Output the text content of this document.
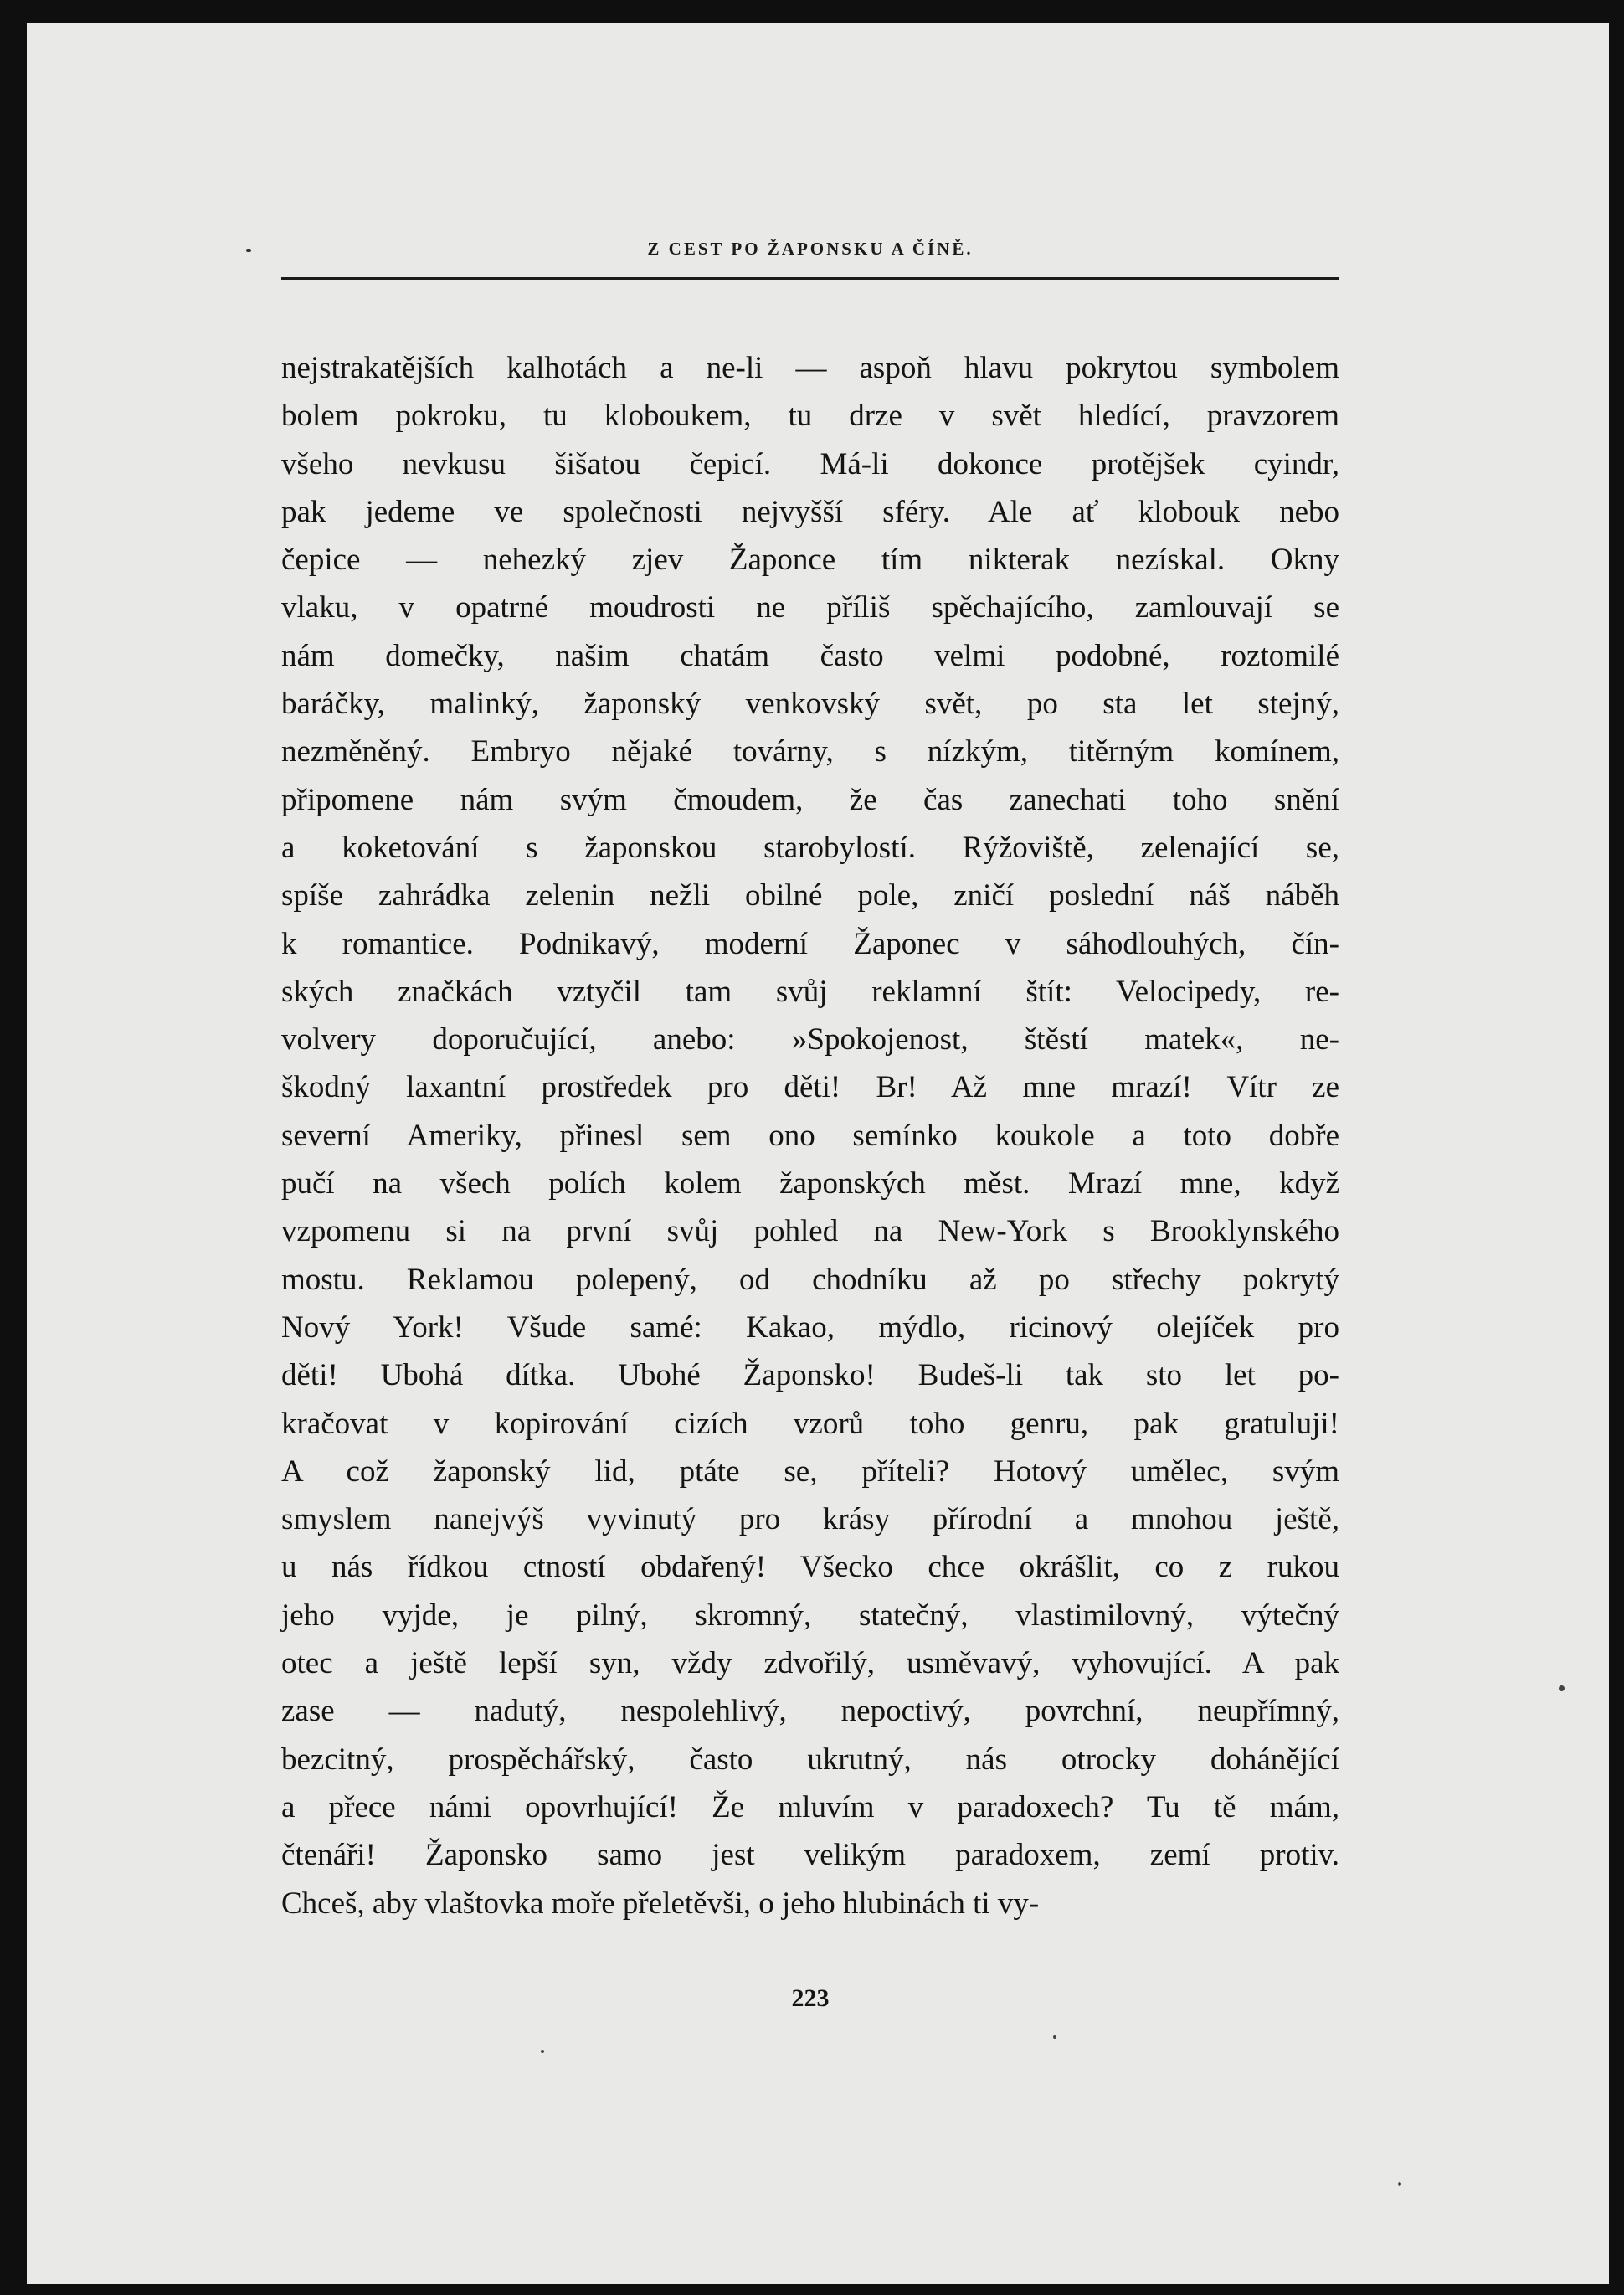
Z CEST PO ŽAPONSKU A ČÍNĚ.
nejstrakatějších kalhotách a ne-li — aspoň hlavu pokrytou symbolem
bolem pokroku, tu kloboukem, tu drze v svět hledící, pravzorem
všeho nevkusu šišatou čepicí. Má-li dokonce protějšek cyindr,
pak jedeme ve společnosti nejvyšší sféry. Ale ať klobouk nebo
čepice — nehezký zjev Žaponce tím nikterak nezískal. Okny
vlaku, v opatrné moudrosti ne příliš spěchajícího, zamlouvají se
nám domečky, našim chatám často velmi podobné, roztomilé
baráčky, malinký, žaponský venkovský svět, po sta let stejný,
nezměněný. Embryo nějaké továrny, s nízkým, titěrným komínem,
připomene nám svým čmoudem, že čas zanechati toho snění
a koketování s žaponskou starobylostí. Rýžoviště, zelenající se,
spíše zahrádka zelenin nežli obilné pole, zničí poslední náš náběh
k romantice. Podnikavý, moderní Žaponec v sáhodlouhých, čín-
ských značkách vztyčil tam svůj reklamní štít: Velocipedy, re-
volvery doporučující, anebo: »Spokojenost, štěstí matek«, ne-
škodný laxantní prostředek pro děti! Br! Až mne mrazí! Vítr ze
severní Ameriky, přinesl sem ono semínko koukole a toto dobře
pučí na všech polích kolem žaponských měst. Mrazí mne, když
vzpomenu si na první svůj pohled na New-York s Brooklynského
mostu. Reklamou polepený, od chodníku až po střechy pokrytý
Nový York! Všude samé: Kakao, mýdlo, ricinový olejíček pro
děti! Ubohá dítka. Ubohé Žaponsko! Budeš-li tak sto let po-
kračovat v kopirování cizích vzorů toho genru, pak gratuluji!
A což žaponský lid, ptáte se, příteli? Hotový umělec, svým
smyslem nanejvýš vyvinutý pro krásy přírodní a mnohou ještě,
u nás řídkou ctností obdařený! Všecko chce okrášlit, co z rukou
jeho vyjde, je pilný, skromný, statečný, vlastimilovný, výtečný
otec a ještě lepší syn, vždy zdvořilý, usměvavý, vyhovující. A pak
zase — nadutý, nespolehlivý, nepoctivý, povrchní, neupřímný,
bezcitný, prospěchářský, často ukrutný, nás otrocky dohánějící
a přece námi opovrhující! Že mluvím v paradoxech? Tu tě mám,
čtenáři! Žaponsko samo jest velikým paradoxem, zemí protiv.
Chceš, aby vlaštovka moře přeletěvši, o jeho hlubinách ti vy-
223
